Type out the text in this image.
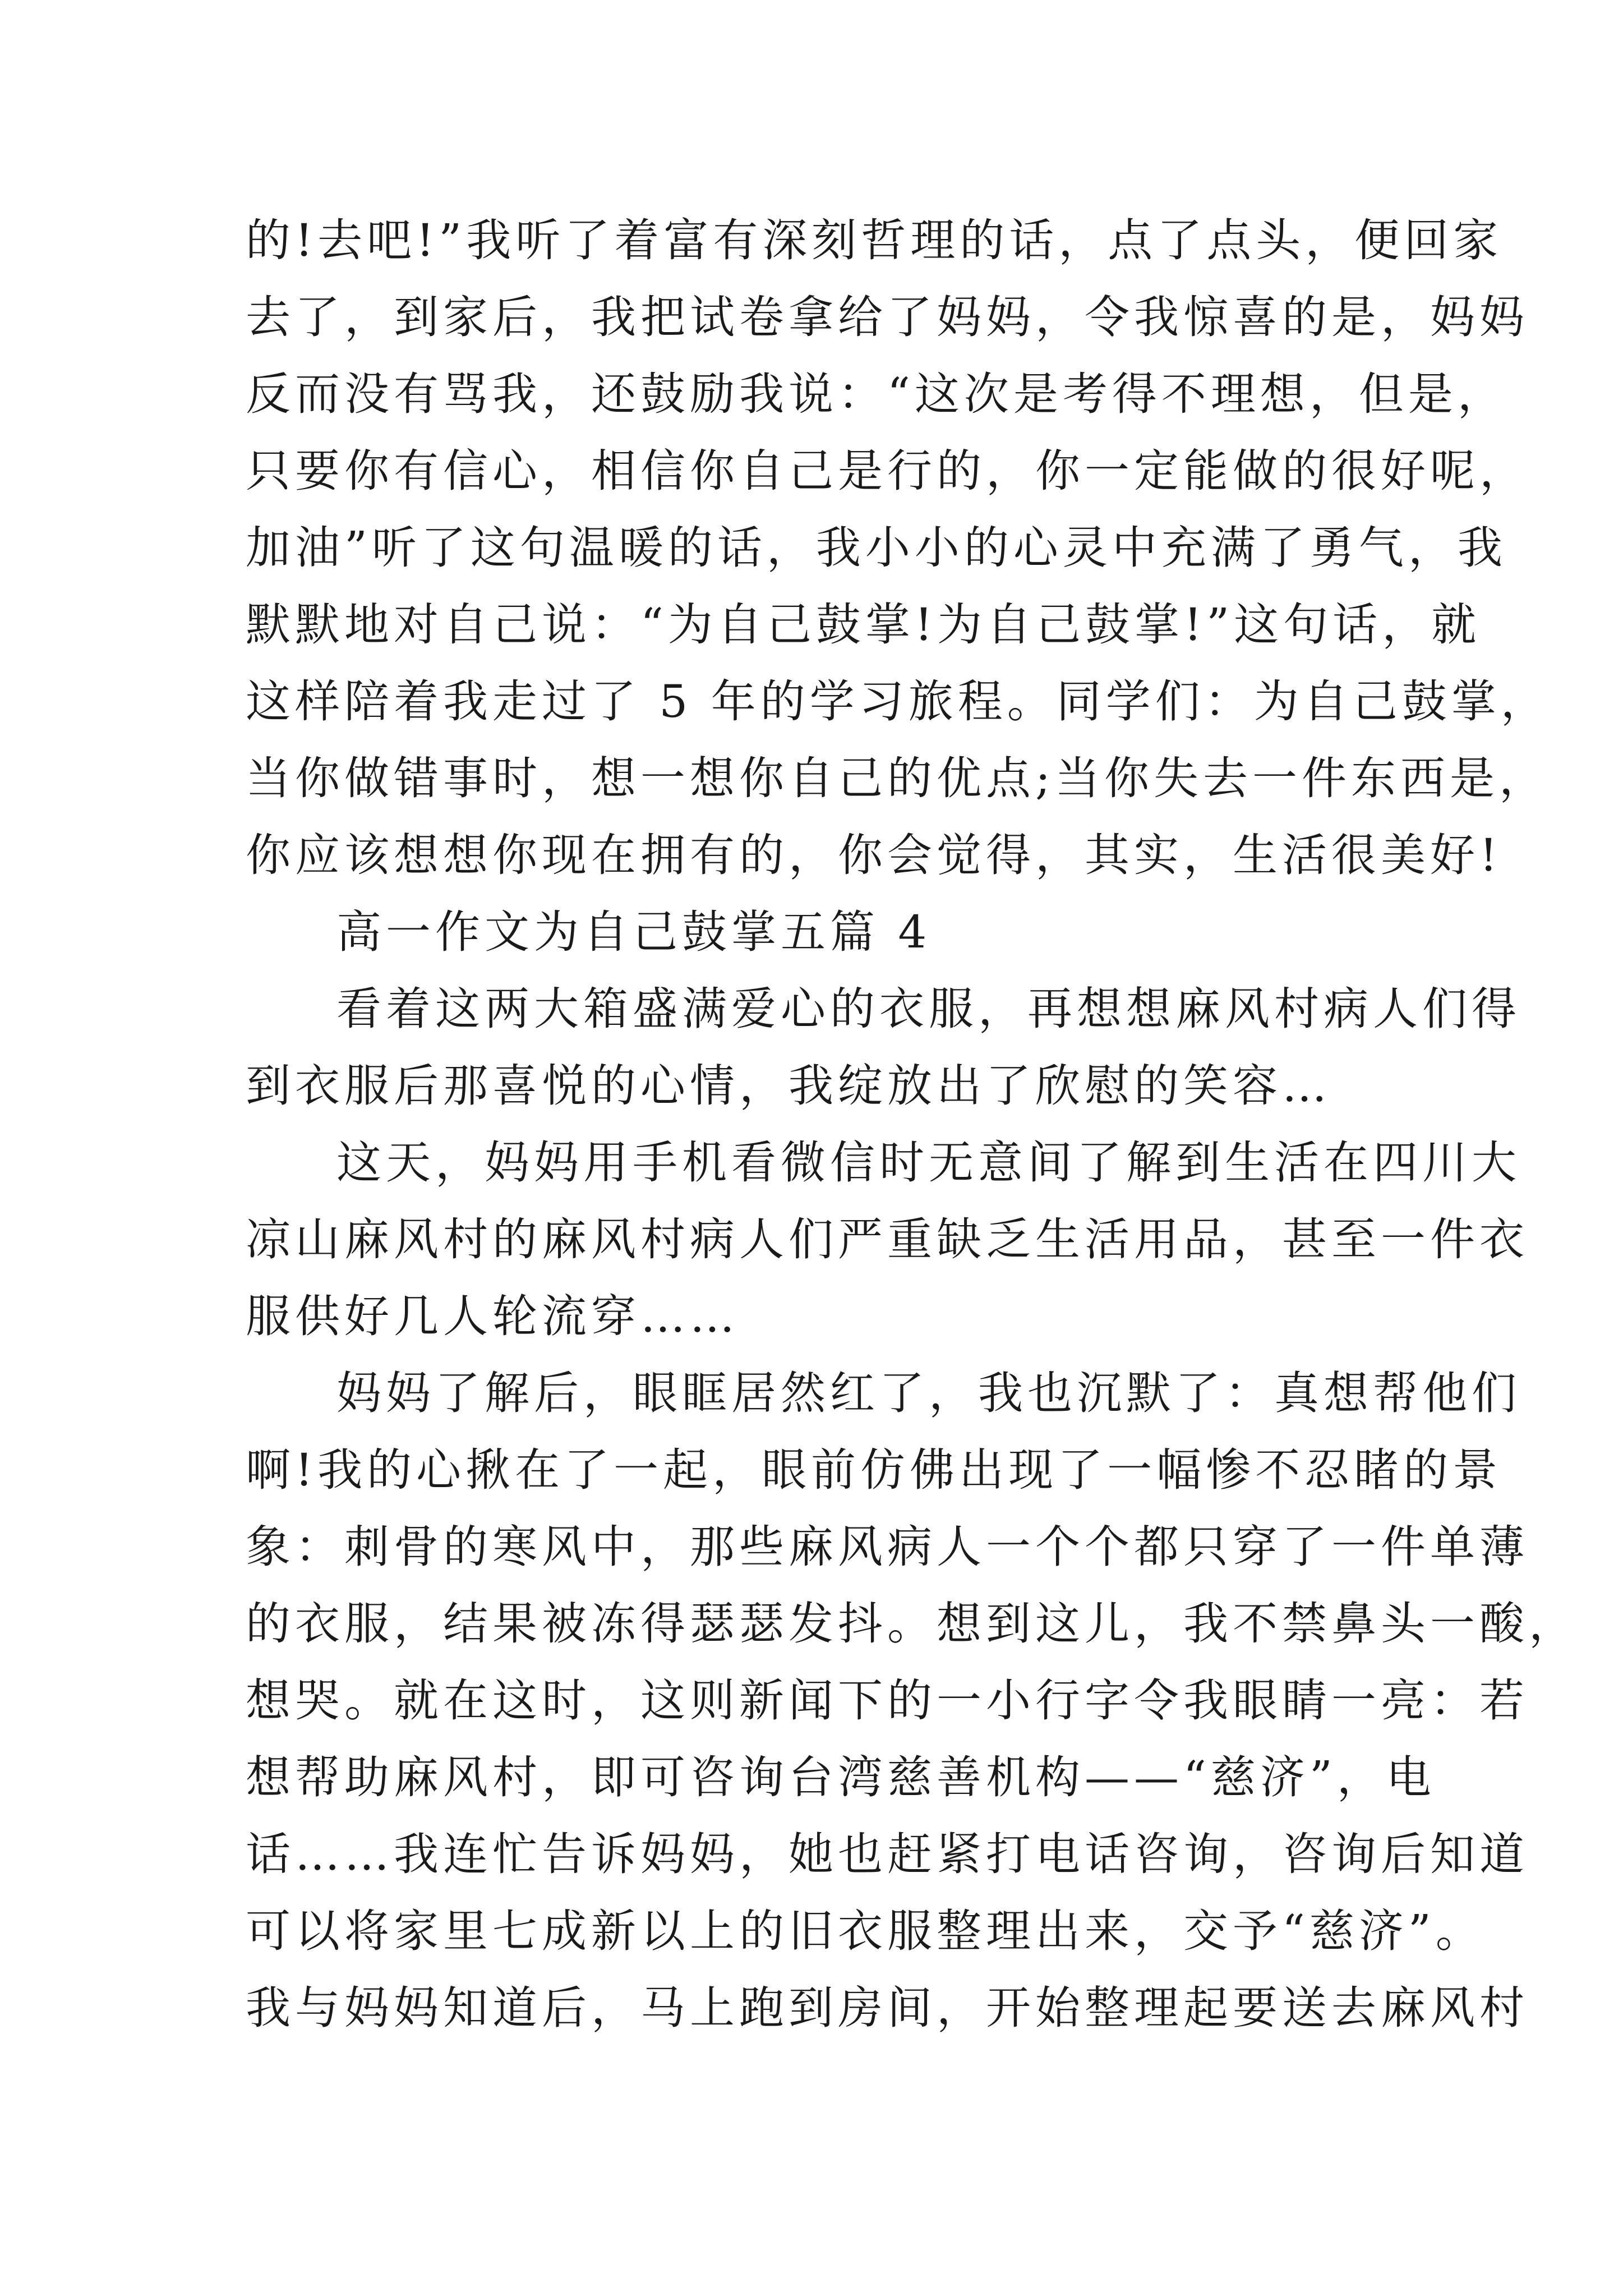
的!去吧!”我听了着富有深刻哲理的话，点了点头，便回家
去了，到家后，我把试卷拿给了妈妈，令我惊喜的是，妈妈
反而没有骂我，还鼓励我说：“这次是考得不理想，但是，
只要你有信心，相信你自己是行的，你一定能做的很好呢，
加油”听了这句温暖的话，我小小的心灵中充满了勇气，我
默默地对自己说：“为自己鼓掌!为自己鼓掌!”这句话，就
这样陪着我走过了 5 年的学习旅程。同学们：为自己鼓掌，
当你做错事时，想一想你自己的优点;当你失去一件东西是，
你应该想想你现在拥有的，你会觉得，其实，生活很美好!
高一作文为自己鼓掌五篇 4
看着这两大箱盛满爱心的衣服，再想想麻风村病人们得
到衣服后那喜悦的心情，我绽放出了欣慰的笑容…
这天，妈妈用手机看微信时无意间了解到生活在四川大
凉山麻风村的麻风村病人们严重缺乏生活用品，甚至一件衣
服供好几人轮流穿……
妈妈了解后，眼眶居然红了，我也沉默了：真想帮他们
啊!我的心揪在了一起，眼前仿佛出现了一幅惨不忍睹的景
象：刺骨的寒风中，那些麻风病人一个个都只穿了一件单薄
的衣服，结果被冻得瑟瑟发抖。想到这儿，我不禁鼻头一酸，
想哭。就在这时，这则新闻下的一小行字令我眼睛一亮：若
想帮助麻风村，即可咨询台湾慈善机构——“慈济”，电
话……我连忙告诉妈妈，她也赶紧打电话咨询，咨询后知道
可以将家里七成新以上的旧衣服整理出来，交予“慈济”。
我与妈妈知道后，马上跑到房间，开始整理起要送去麻风村
